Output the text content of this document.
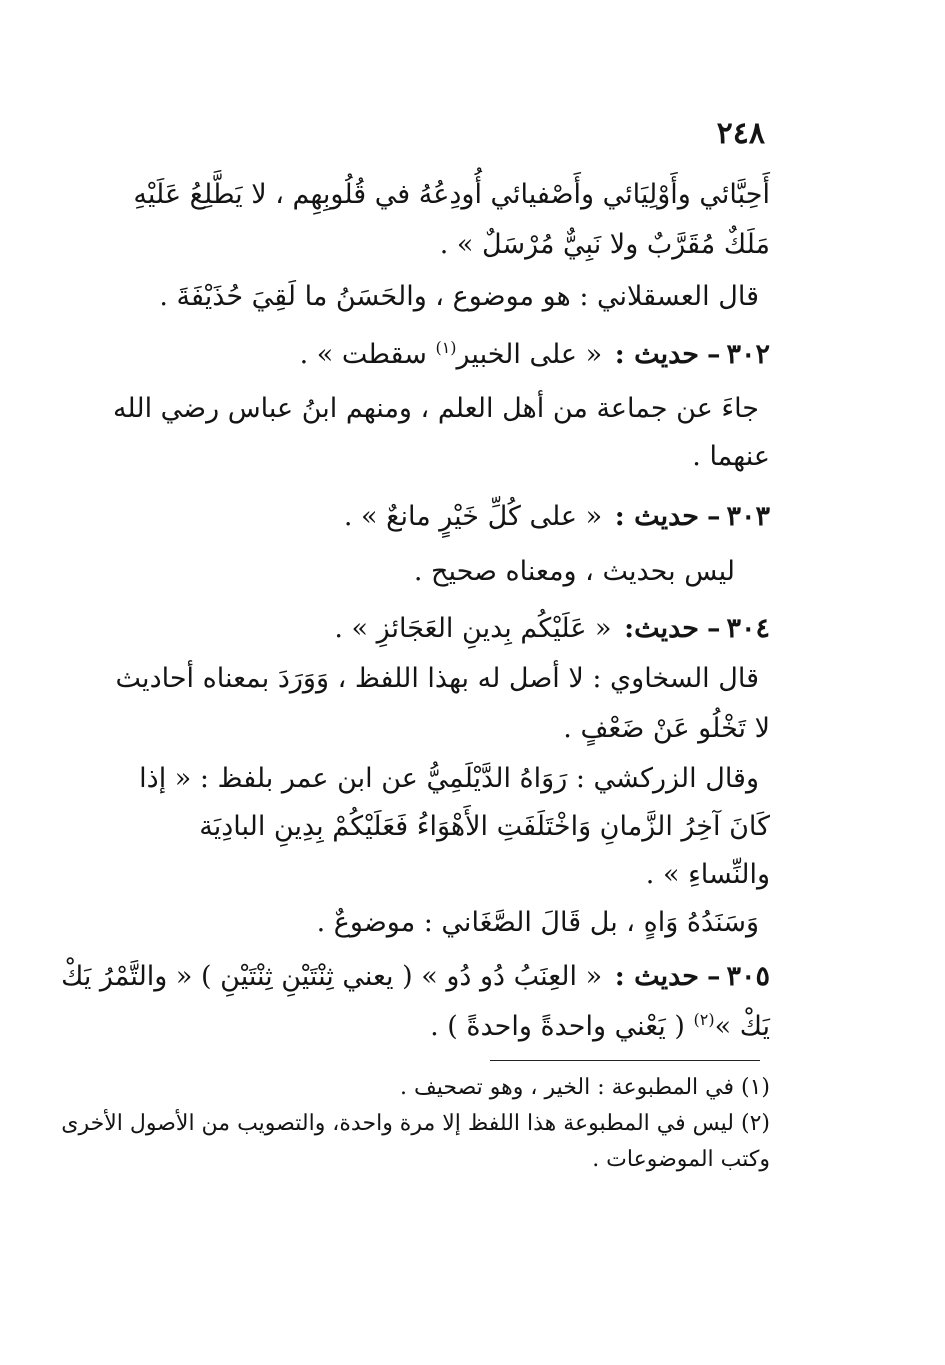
٢٤٨
أَحِبَّائي وأَوْلِيَائي وأَصْفيائي أُودِعُهُ في قُلُوبِهِم ، لا يَطَّلِعُ عَلَيْهِ
مَلَكٌ مُقَرَّبٌ ولا نَبِيٌّ مُرْسَلٌ » .
قال العسقلاني : هو موضوع ، والحَسَنُ ما لَقِيَ حُذَيْفَةَ .
٣٠٢–حديث : « على الخبير$^{(١)}$ سقطت » .
جاءَ عن جماعة من أهل العلم ، ومنهم ابنُ عباس رضي الله
عنهما .
٣٠٣–حديث : « على كُلِّ خَيْرٍ مانعٌ » .
ليس بحديث ، ومعناه صحيح .
٣٠٤–حديث: « عَلَيْكُم بِدينِ العَجَائزِ » .
قال السخاوي : لا أصل له بهذا اللفظ ، وَوَرَدَ بمعناه أحاديث
لا تَخْلُو عَنْ ضَعْفٍ .
وقال الزركشي : رَوَاهُ الدَّيْلَمِيُّ عن ابن عمر بلفظ : « إذا
كَانَ آخِرُ الزَّمانِ وَاخْتَلَفَتِ الأَهْوَاءُ فَعَلَيْكُمْ بِدِينِ البادِيَة
والنِّساءِ » .
وَسَنَدُهُ وَاهٍ ، بل قَالَ الصَّغَاني : موضوعٌ .
٣٠٥–حديث : « العِنَبُ دُو دُو » ( يعني ثِنْتَيْنِ ثِنْتَيْنِ ) « والتَّمْرُ يَكْ
يَكْ »$^{(٢)}$ ( يَعْني واحدةً واحدةً ) .
(١) في المطبوعة : الخير ، وهو تصحيف .
(٢) ليس في المطبوعة هذا اللفظ إلا مرة واحدة، والتصويب من الأصول الأخرى
وكتب الموضوعات .
